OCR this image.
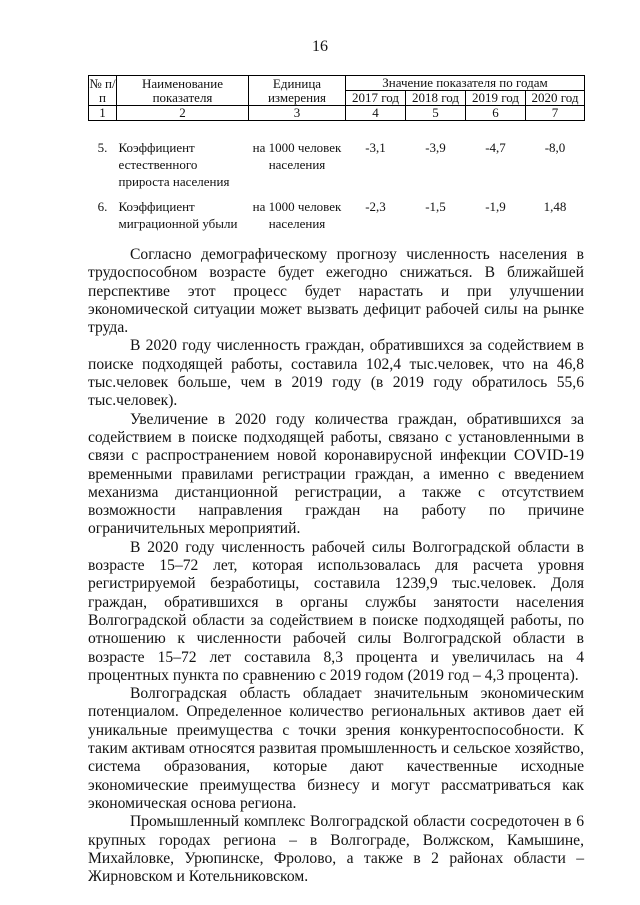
16
№ п/п	Наименование показателя	Единица измерения	Значение показателя по годам			
			2017 год	2018 год	2019 год	2020 год
1	2	3	4	5	6	7

5.	Коэффициент естественного прироста населения	на 1000 человек населения	-3,1	-3,9	-4,7	-8,0
6.	Коэффициент миграционной убыли	на 1000 человек населения	-2,3	-1,5	-1,9	1,48

Согласно демографическому прогнозу численность населения в трудоспособном возрасте будет ежегодно снижаться. В ближайшей перспективе этот процесс будет нарастать и при улучшении экономической ситуации может вызвать дефицит рабочей силы на рынке труда.

В 2020 году численность граждан, обратившихся за содействием в поиске подходящей работы, составила 102,4 тыс.человек, что на 46,8 тыс.человек больше, чем в 2019 году (в 2019 году обратилось 55,6 тыс.человек).

Увеличение в 2020 году количества граждан, обратившихся за содействием в поиске подходящей работы, связано с установленными в связи с распространением новой коронавирусной инфекции COVID-19 временными правилами регистрации граждан, а именно с введением механизма дистанционной регистрации, а также с отсутствием возможности направления граждан на работу по причине ограничительных мероприятий.

В 2020 году численность рабочей силы Волгоградской области в возрасте 15–72 лет, которая использовалась для расчета уровня регистрируемой безработицы, составила 1239,9 тыс.человек. Доля граждан, обратившихся в органы службы занятости населения Волгоградской области за содействием в поиске подходящей работы, по отношению к численности рабочей силы Волгоградской области в возрасте 15–72 лет составила 8,3 процента и увеличилась на 4 процентных пункта по сравнению с 2019 годом (2019 год – 4,3 процента).

Волгоградская область обладает значительным экономическим потенциалом. Определенное количество региональных активов дает ей уникальные преимущества с точки зрения конкурентоспособности. К таким активам относятся развитая промышленность и сельское хозяйство, система образования, которые дают качественные исходные экономические преимущества бизнесу и могут рассматриваться как экономическая основа региона.

Промышленный комплекс Волгоградской области сосредоточен в 6 крупных городах региона – в Волгограде, Волжском, Камышине, Михайловке, Урюпинске, Фролово, а также в 2 районах области – Жирновском и Котельниковском.
